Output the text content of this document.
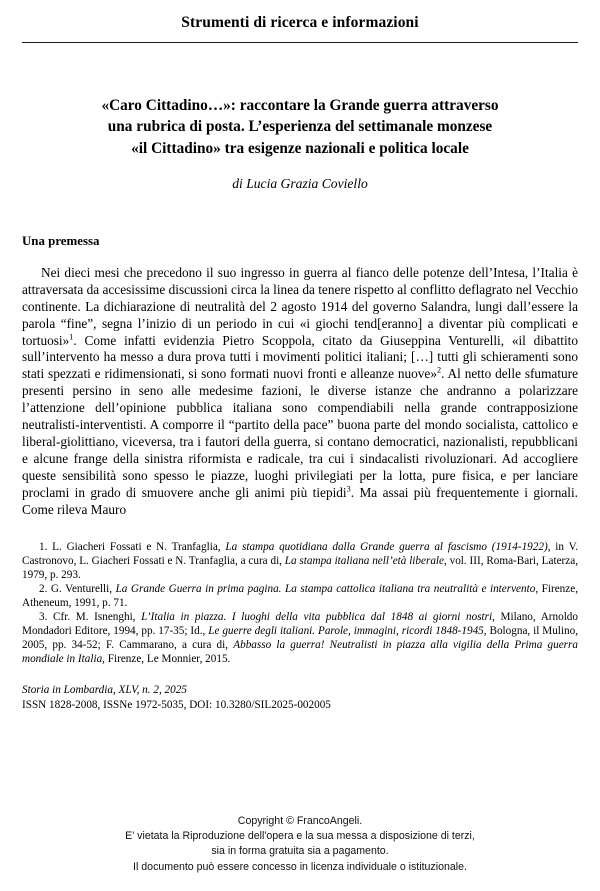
Strumenti di ricerca e informazioni
«Caro Cittadino…»: raccontare la Grande guerra attraverso
una rubrica di posta. L’esperienza del settimanale monzese
«il Cittadino» tra esigenze nazionali e politica locale
di Lucia Grazia Coviello
Una premessa

Nei dieci mesi che precedono il suo ingresso in guerra al fianco delle potenze dell’Intesa, l’Italia è attraversata da accesissime discussioni circa la linea da tenere rispetto al conflitto deflagrato nel Vecchio continente. La dichiarazione di neutralità del 2 agosto 1914 del governo Salandra, lungi dall’essere la parola “fine”, segna l’inizio di un periodo in cui «i giochi tend[eranno] a diventar più complicati e tortuosi»$^1$. Come infatti evidenzia Pietro Scoppola, citato da Giuseppina Venturelli, «il dibattito sull’intervento ha messo a dura prova tutti i movimenti politici italiani; […] tutti gli schieramenti sono stati spezzati e ridimensionati, si sono formati nuovi fronti e alleanze nuove»$^2$. Al netto delle sfumature presenti persino in seno alle medesime fazioni, le diverse istanze che andranno a polarizzare l’attenzione dell’opinione pubblica italiana sono compendiabili nella grande contrapposizione neutralisti-interventisti. A comporre il “partito della pace” buona parte del mondo socialista, cattolico e liberal-giolittiano, viceversa, tra i fautori della guerra, si contano democratici, nazionalisti, repubblicani e alcune frange della sinistra riformista e radicale, tra cui i sindacalisti rivoluzionari. Ad accogliere queste sensibilità sono spesso le piazze, luoghi privilegiati per la lotta, pure fisica, e per lanciare proclami in grado di smuovere anche gli animi più tiepidi$^3$. Ma assai più frequentemente i giornali. Come rileva Mauro

1. L. Giacheri Fossati e N. Tranfaglia, La stampa quotidiana dalla Grande guerra al fascismo (1914-1922), in V. Castronovo, L. Giacheri Fossati e N. Tranfaglia, a cura di, La stampa italiana nell’età liberale, vol. III, Roma-Bari, Laterza, 1979, p. 293.

2. G. Venturelli, La Grande Guerra in prima pagina. La stampa cattolica italiana tra neutralità e intervento, Firenze, Atheneum, 1991, p. 71.

3. Cfr. M. Isnenghi, L’Italia in piazza. I luoghi della vita pubblica dal 1848 ai giorni nostri, Milano, Arnoldo Mondadori Editore, 1994, pp. 17-35; Id., Le guerre degli italiani. Parole, immagini, ricordi 1848-1945, Bologna, il Mulino, 2005, pp. 34-52; F. Cammarano, a cura di, Abbasso la guerra! Neutralisti in piazza alla vigilia della Prima guerra mondiale in Italia, Firenze, Le Monnier, 2015.

Storia in Lombardia, XLV, n. 2, 2025
ISSN 1828-2008, ISSNe 1972-5035, DOI: 10.3280/SIL2025-002005
Copyright © FrancoAngeli.
E' vietata la Riproduzione dell'opera e la sua messa a disposizione di terzi,
sia in forma gratuita sia a pagamento.
Il documento può essere concesso in licenza individuale o istituzionale.
